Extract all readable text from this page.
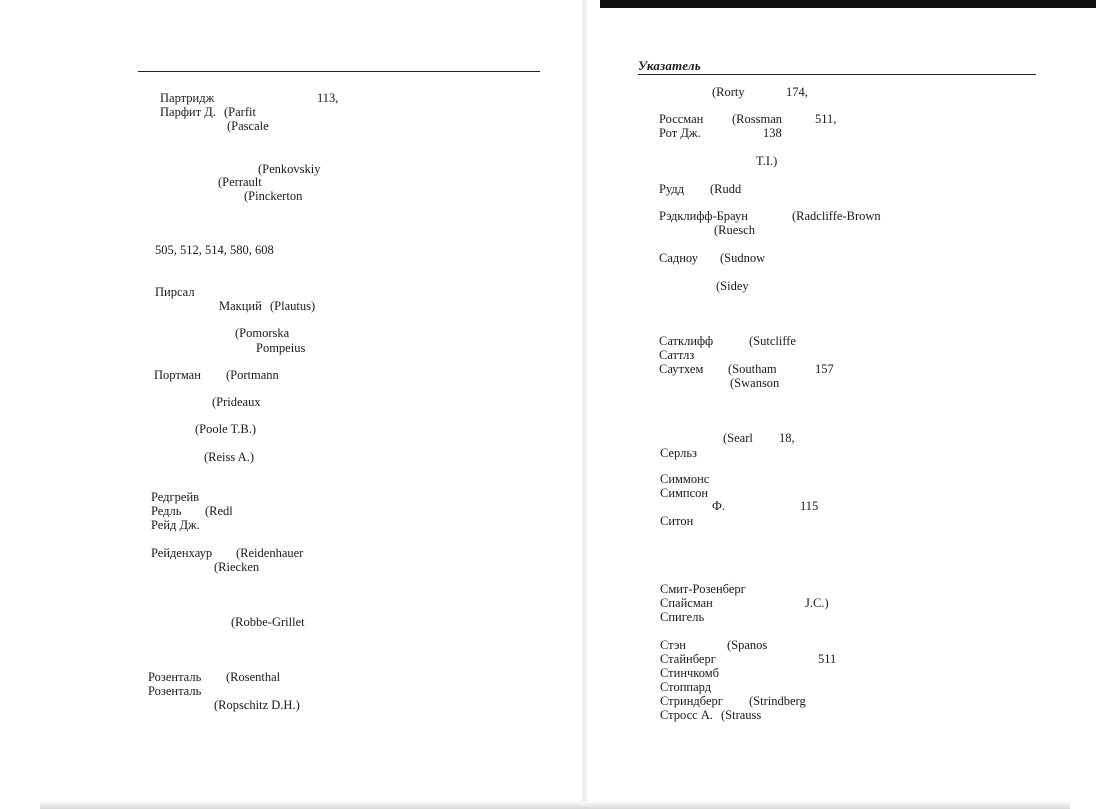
Указатель
Партридж	113,
Парфит Д. (Parfit
(Pascale
(Penkovskiy
(Perrault
(Pinckerton
505, 512, 514, 580, 608
Пирсал
Макций (Plautus)
(Pomorska
Pompeius
Портман (Portmann
(Prideaux
(Poole T.B.)
(Reiss A.)
Редгрейв
Редль (Redl
Рейд Дж.
Рейденхаур (Reidenhauer
(Riecken
(Robbe-Grillet
Розенталь (Rosenthal
Розенталь
(Ropschitz D.H.)
(Rorty	174,
Россман (Rossman	511,
Рот Дж.	138
T.I.)
Рудд (Rudd
Рэдклифф-Браун	(Radcliffe-Brown
(Ruesch
Садноу (Sudnow
(Sidey
Сатклифф	(Sutcliffe
Саттлз
Саутхем (Southam	157
(Swanson
(Searl 18,
Серльз
Симмонс
Симпсон
Ф.	115
Ситон
Смит-Розенберг
Спайсман	J.C.)
Спигель
Стэн	(Spanos
Стайнберг	511
Стинчкомб
Стоппард
Стриндберг (Strindberg
Стросс А. (Strauss
